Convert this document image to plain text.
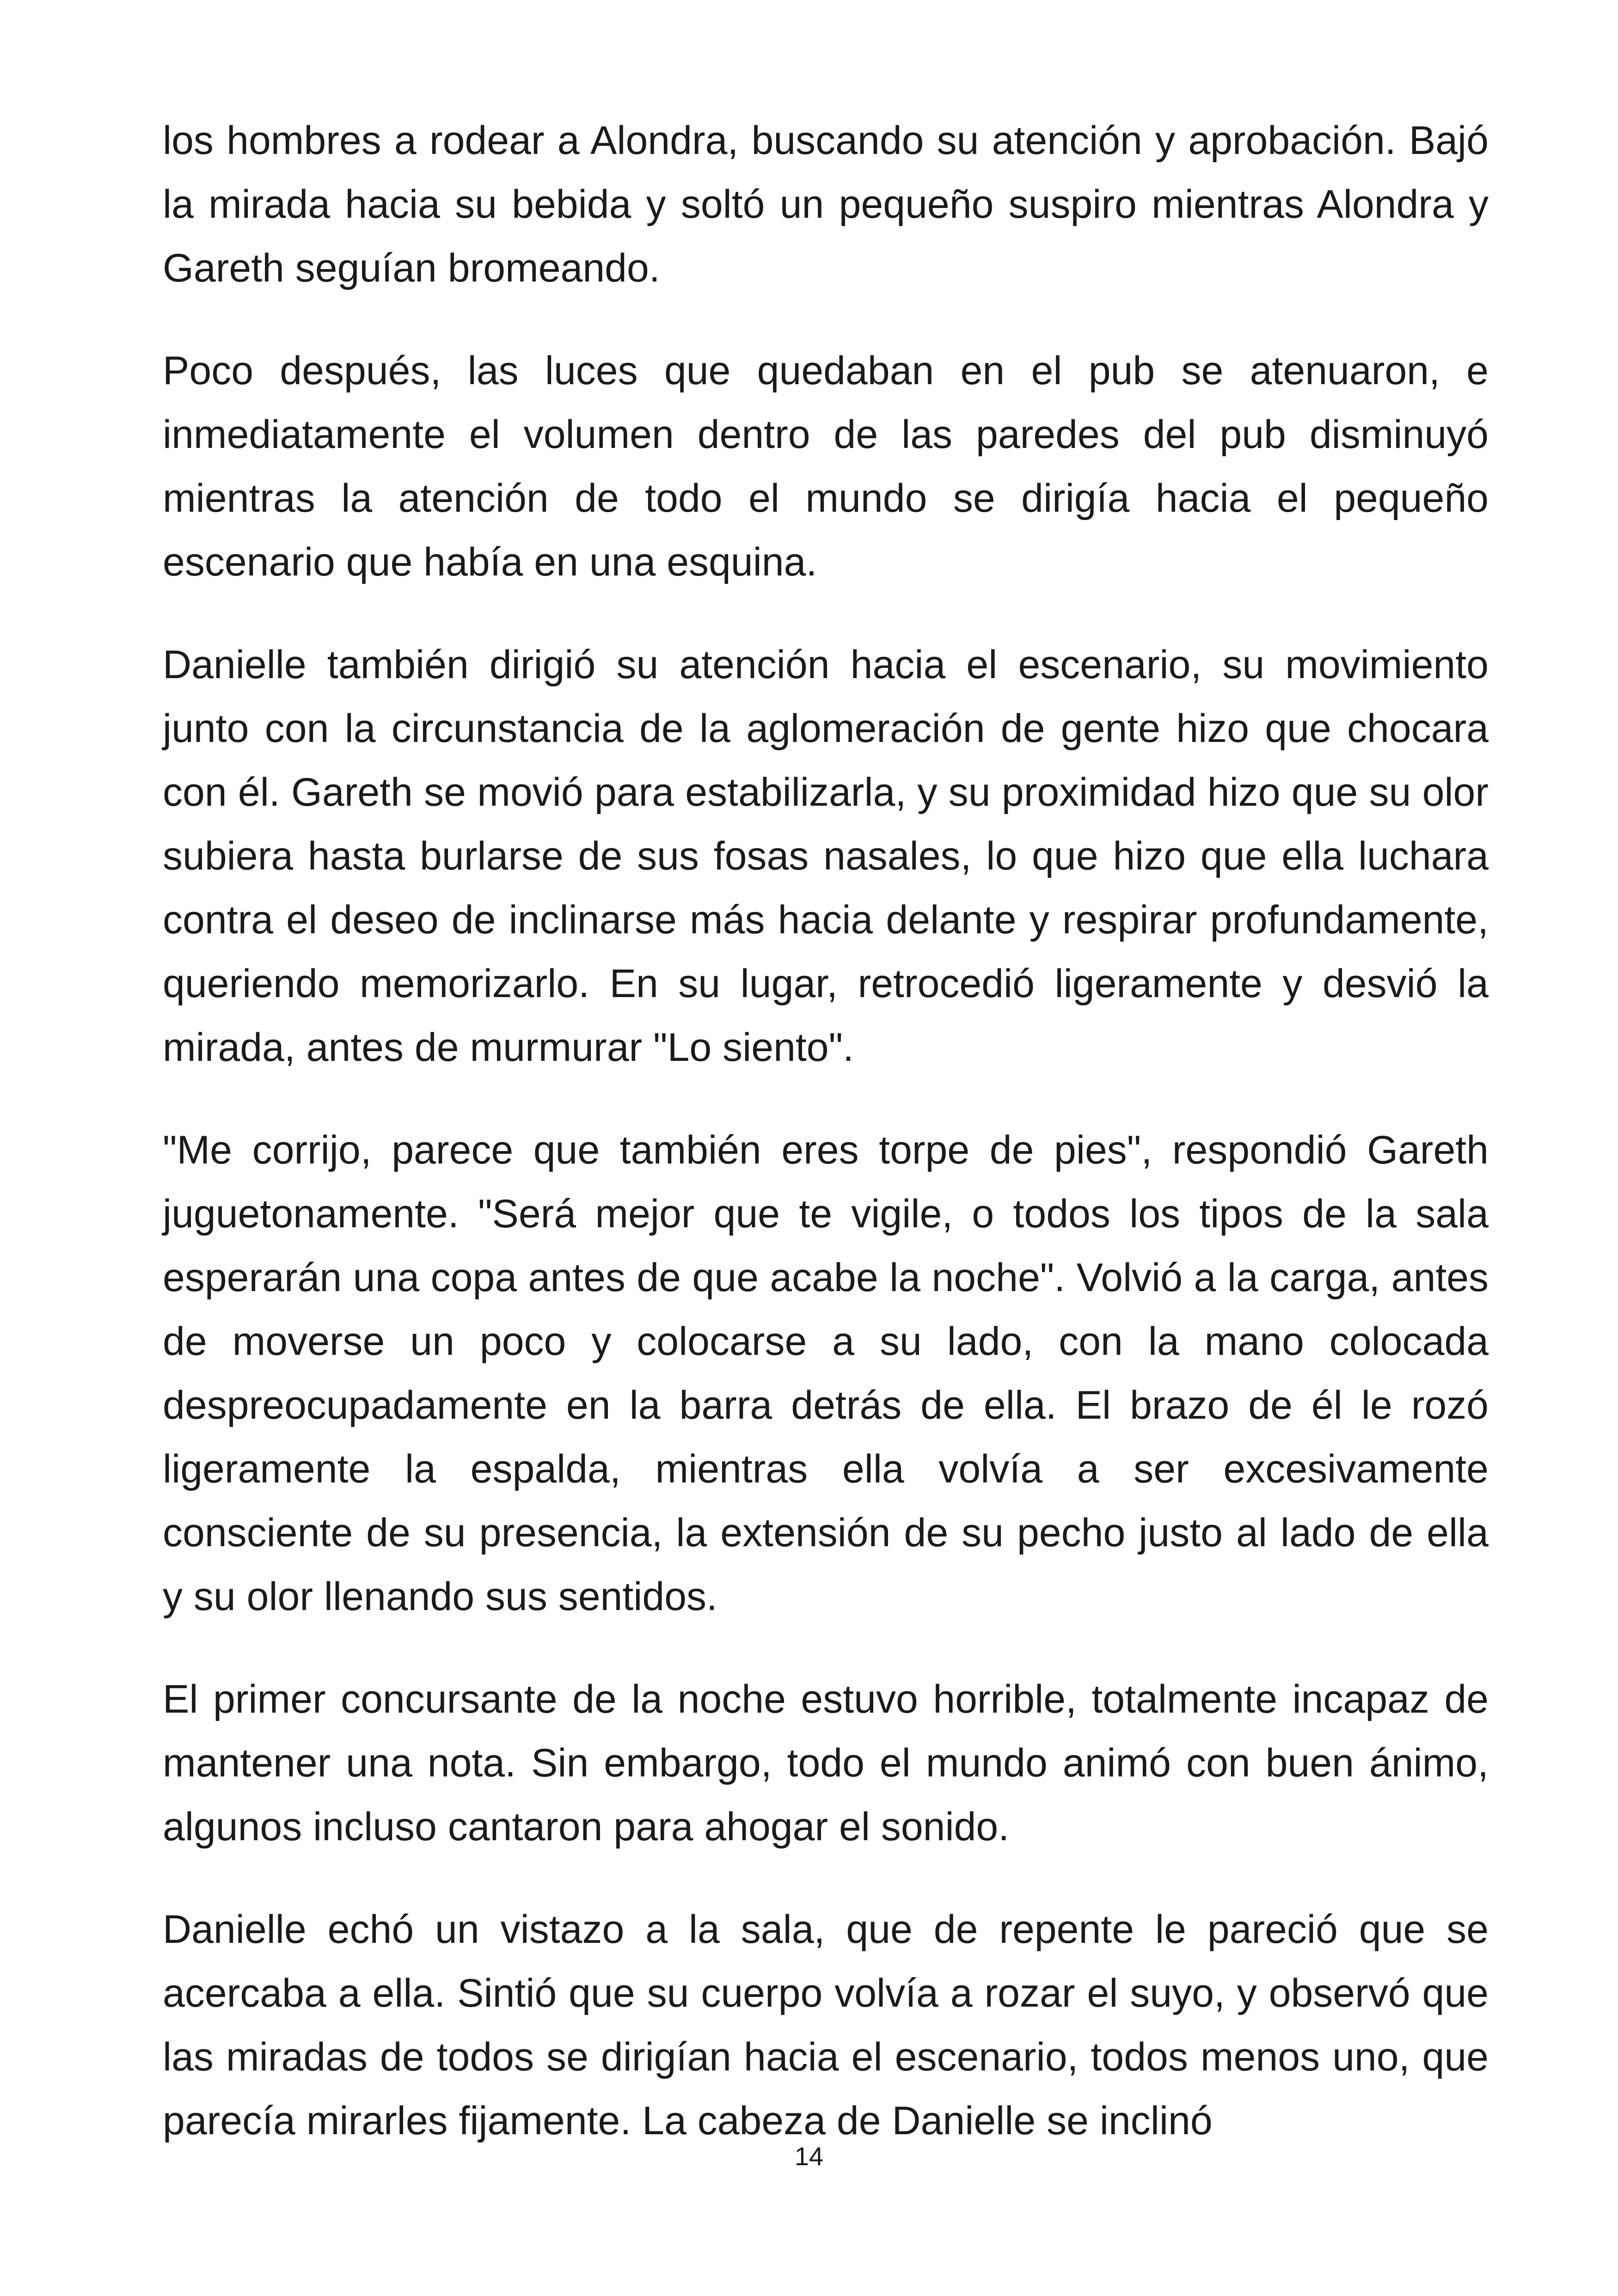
los hombres a rodear a Alondra, buscando su atención y aprobación. Bajó la mirada hacia su bebida y soltó un pequeño suspiro mientras Alondra y Gareth seguían bromeando.

Poco después, las luces que quedaban en el pub se atenuaron, e inmediatamente el volumen dentro de las paredes del pub disminuyó mientras la atención de todo el mundo se dirigía hacia el pequeño escenario que había en una esquina.

Danielle también dirigió su atención hacia el escenario, su movimiento junto con la circunstancia de la aglomeración de gente hizo que chocara con él. Gareth se movió para estabilizarla, y su proximidad hizo que su olor subiera hasta burlarse de sus fosas nasales, lo que hizo que ella luchara contra el deseo de inclinarse más hacia delante y respirar profundamente, queriendo memorizarlo. En su lugar, retrocedió ligeramente y desvió la mirada, antes de murmurar "Lo siento".

"Me corrijo, parece que también eres torpe de pies", respondió Gareth juguetonamente. "Será mejor que te vigile, o todos los tipos de la sala esperarán una copa antes de que acabe la noche". Volvió a la carga, antes de moverse un poco y colocarse a su lado, con la mano colocada despreocupadamente en la barra detrás de ella. El brazo de él le rozó ligeramente la espalda, mientras ella volvía a ser excesivamente consciente de su presencia, la extensión de su pecho justo al lado de ella y su olor llenando sus sentidos.

El primer concursante de la noche estuvo horrible, totalmente incapaz de mantener una nota. Sin embargo, todo el mundo animó con buen ánimo, algunos incluso cantaron para ahogar el sonido.

Danielle echó un vistazo a la sala, que de repente le pareció que se acercaba a ella. Sintió que su cuerpo volvía a rozar el suyo, y observó que las miradas de todos se dirigían hacia el escenario, todos menos uno, que parecía mirarles fijamente. La cabeza de Danielle se inclinó

14
